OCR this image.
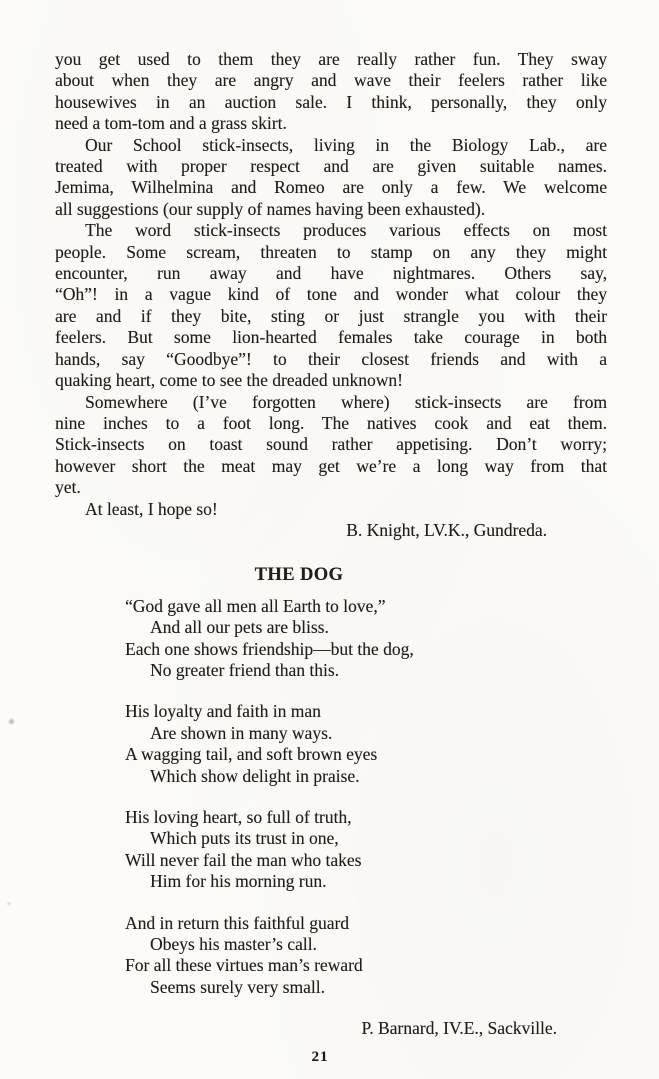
you get used to them they are really rather fun. They sway
about when they are angry and wave their feelers rather like
housewives in an auction sale. I think, personally, they only
need a tom-tom and a grass skirt.

Our School stick-insects, living in the Biology Lab., are
treated with proper respect and are given suitable names.
Jemima, Wilhelmina and Romeo are only a few. We welcome
all suggestions (our supply of names having been exhausted).

The word stick-insects produces various effects on most
people. Some scream, threaten to stamp on any they might
encounter, run away and have nightmares. Others say,
“Oh”! in a vague kind of tone and wonder what colour they
are and if they bite, sting or just strangle you with their
feelers. But some lion-hearted females take courage in both
hands, say “Goodbye”! to their closest friends and with a
quaking heart, come to see the dreaded unknown!

Somewhere (I’ve forgotten where) stick-insects are from
nine inches to a foot long. The natives cook and eat them.
Stick-insects on toast sound rather appetising. Don’t worry;
however short the meat may get we’re a long way from that
yet.

At least, I hope so!

B. Knight, LV.K., Gundreda.
THE DOG

“God gave all men all Earth to love,”
And all our pets are bliss.
Each one shows friendship—but the dog,
No greater friend than this.

His loyalty and faith in man
Are shown in many ways.
A wagging tail, and soft brown eyes
Which show delight in praise.

His loving heart, so full of truth,
Which puts its trust in one,
Will never fail the man who takes
Him for his morning run.

And in return this faithful guard
Obeys his master’s call.
For all these virtues man’s reward
Seems surely very small.

P. Barnard, IV.E., Sackville.
21
